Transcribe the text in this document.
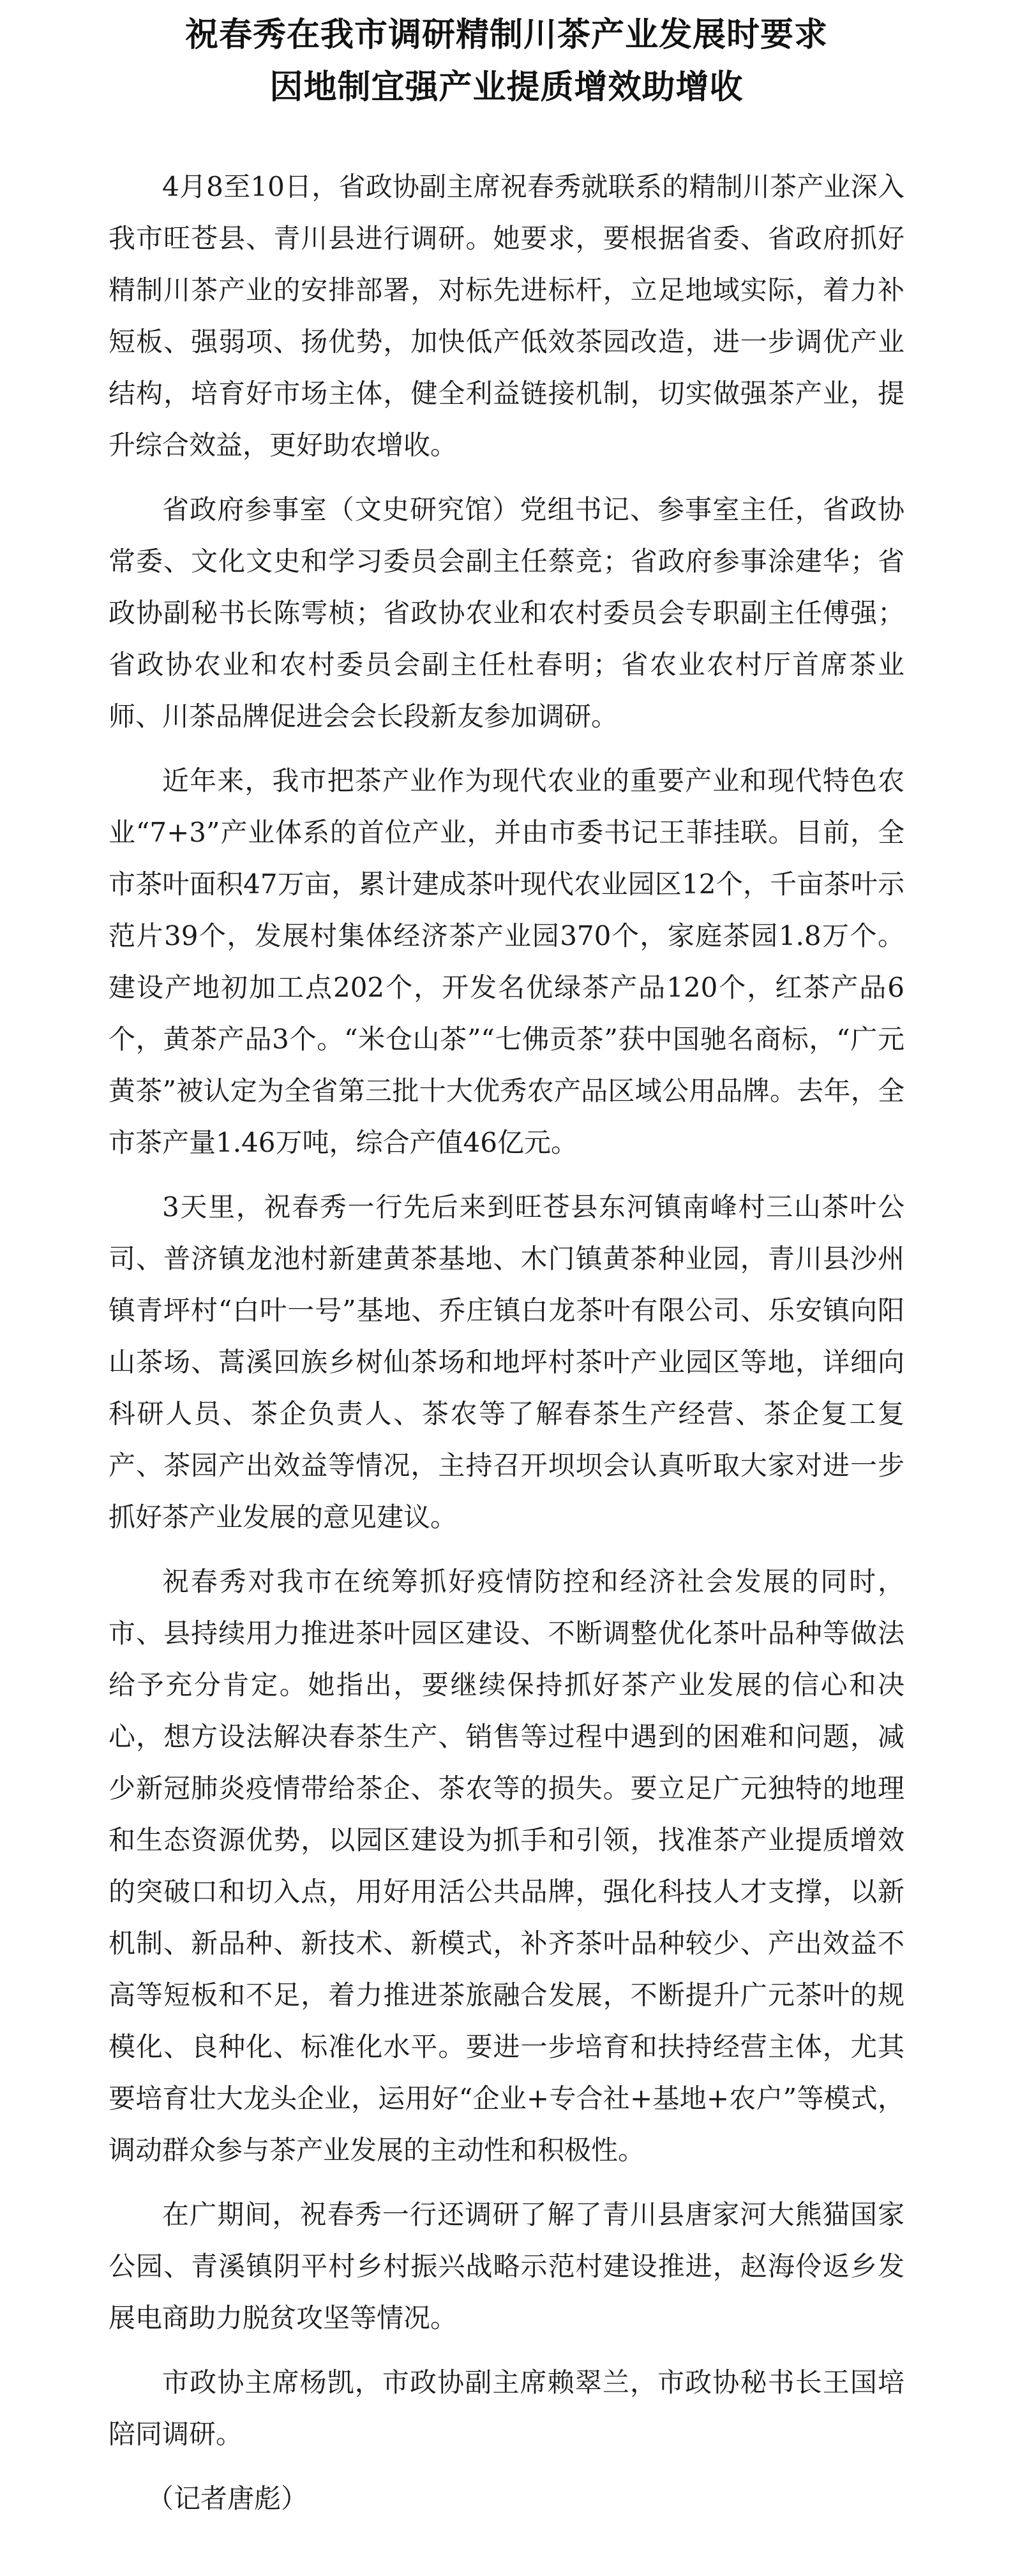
祝春秀在我市调研精制川茶产业发展时要求
因地制宜强产业提质增效助增收

4月8至10日，省政协副主席祝春秀就联系的精制川茶产业深入我市旺苍县、青川县进行调研。她要求，要根据省委、省政府抓好精制川茶产业的安排部署，对标先进标杆，立足地域实际，着力补短板、强弱项、扬优势，加快低产低效茶园改造，进一步调优产业结构，培育好市场主体，健全利益链接机制，切实做强茶产业，提升综合效益，更好助农增收。

省政府参事室（文史研究馆）党组书记、参事室主任，省政协常委、文化文史和学习委员会副主任蔡竞；省政府参事涂建华；省政协副秘书长陈雩桢；省政协农业和农村委员会专职副主任傅强；省政协农业和农村委员会副主任杜春明；省农业农村厅首席茶业师、川茶品牌促进会会长段新友参加调研。

近年来，我市把茶产业作为现代农业的重要产业和现代特色农业“7+3”产业体系的首位产业，并由市委书记王菲挂联。目前，全市茶叶面积47万亩，累计建成茶叶现代农业园区12个，千亩茶叶示范片39个，发展村集体经济茶产业园370个，家庭茶园1.8万个。建设产地初加工点202个，开发名优绿茶产品120个，红茶产品6个，黄茶产品3个。“米仓山茶”“七佛贡茶”获中国驰名商标，“广元黄茶”被认定为全省第三批十大优秀农产品区域公用品牌。去年，全市茶产量1.46万吨，综合产值46亿元。

3天里，祝春秀一行先后来到旺苍县东河镇南峰村三山茶叶公司、普济镇龙池村新建黄茶基地、木门镇黄茶种业园，青川县沙州镇青坪村“白叶一号”基地、乔庄镇白龙茶叶有限公司、乐安镇向阳山茶场、蒿溪回族乡树仙茶场和地坪村茶叶产业园区等地，详细向科研人员、茶企负责人、茶农等了解春茶生产经营、茶企复工复产、茶园产出效益等情况，主持召开坝坝会认真听取大家对进一步抓好茶产业发展的意见建议。

祝春秀对我市在统筹抓好疫情防控和经济社会发展的同时，市、县持续用力推进茶叶园区建设、不断调整优化茶叶品种等做法给予充分肯定。她指出，要继续保持抓好茶产业发展的信心和决心，想方设法解决春茶生产、销售等过程中遇到的困难和问题，减少新冠肺炎疫情带给茶企、茶农等的损失。要立足广元独特的地理和生态资源优势，以园区建设为抓手和引领，找准茶产业提质增效的突破口和切入点，用好用活公共品牌，强化科技人才支撑，以新机制、新品种、新技术、新模式，补齐茶叶品种较少、产出效益不高等短板和不足，着力推进茶旅融合发展，不断提升广元茶叶的规模化、良种化、标准化水平。要进一步培育和扶持经营主体，尤其要培育壮大龙头企业，运用好“企业+专合社+基地+农户”等模式，调动群众参与茶产业发展的主动性和积极性。

在广期间，祝春秀一行还调研了解了青川县唐家河大熊猫国家公园、青溪镇阴平村乡村振兴战略示范村建设推进，赵海伶返乡发展电商助力脱贫攻坚等情况。

市政协主席杨凯，市政协副主席赖翠兰，市政协秘书长王国培陪同调研。

（记者唐彪）
